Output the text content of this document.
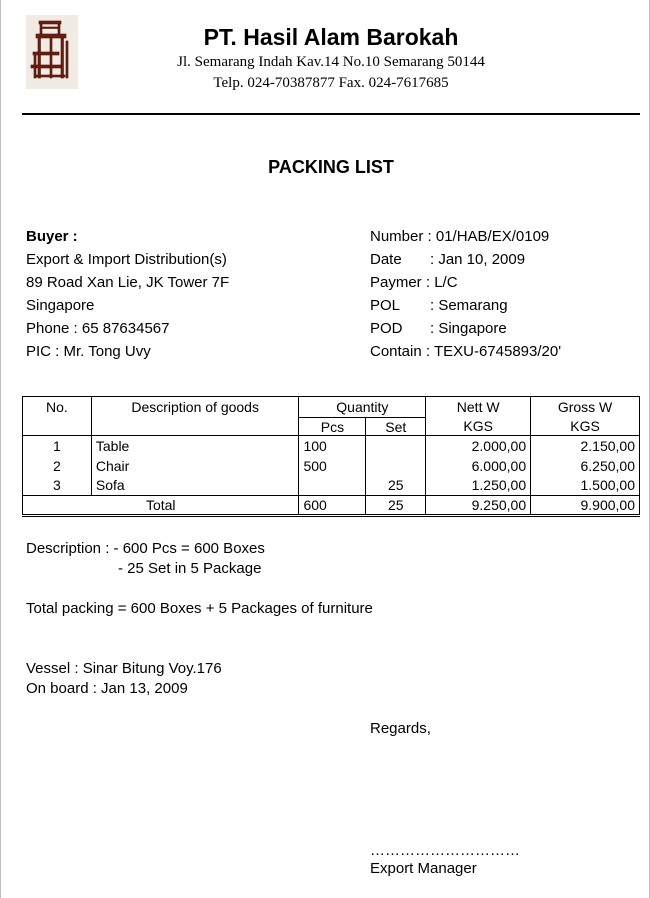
PT. Hasil Alam Barokah
Jl. Semarang Indah Kav.14 No.10 Semarang 50144
Telp. 024-70387877 Fax. 024-7617685
PACKING LIST
Buyer :
Export & Import Distribution(s)
89 Road Xan Lie, JK Tower 7F
Singapore
Phone : 65 87634567
PIC : Mr. Tong Uvy
Number : 01/HAB/EX/0109
Date : Jan 10, 2009
Paymer : L/C
POL : Semarang
POD : Singapore
Contain : TEXU-6745893/20'
No.	Description of goods	Quantity		Nett W	Gross W
		Pcs	Set	KGS	KGS
1	Table	100		2.000,00	2.150,00
2	Chair	500		6.000,00	6.250,00
3	Sofa		25	1.250,00	1.500,00
Total		600	25	9.250,00	9.900,00
Description : - 600 Pcs = 600 Boxes
- 25 Set in 5 Package
Total packing = 600 Boxes + 5 Packages of furniture
Vessel : Sinar Bitung Voy.176
On board : Jan 13, 2009
Regards,
…………………………
Export Manager
